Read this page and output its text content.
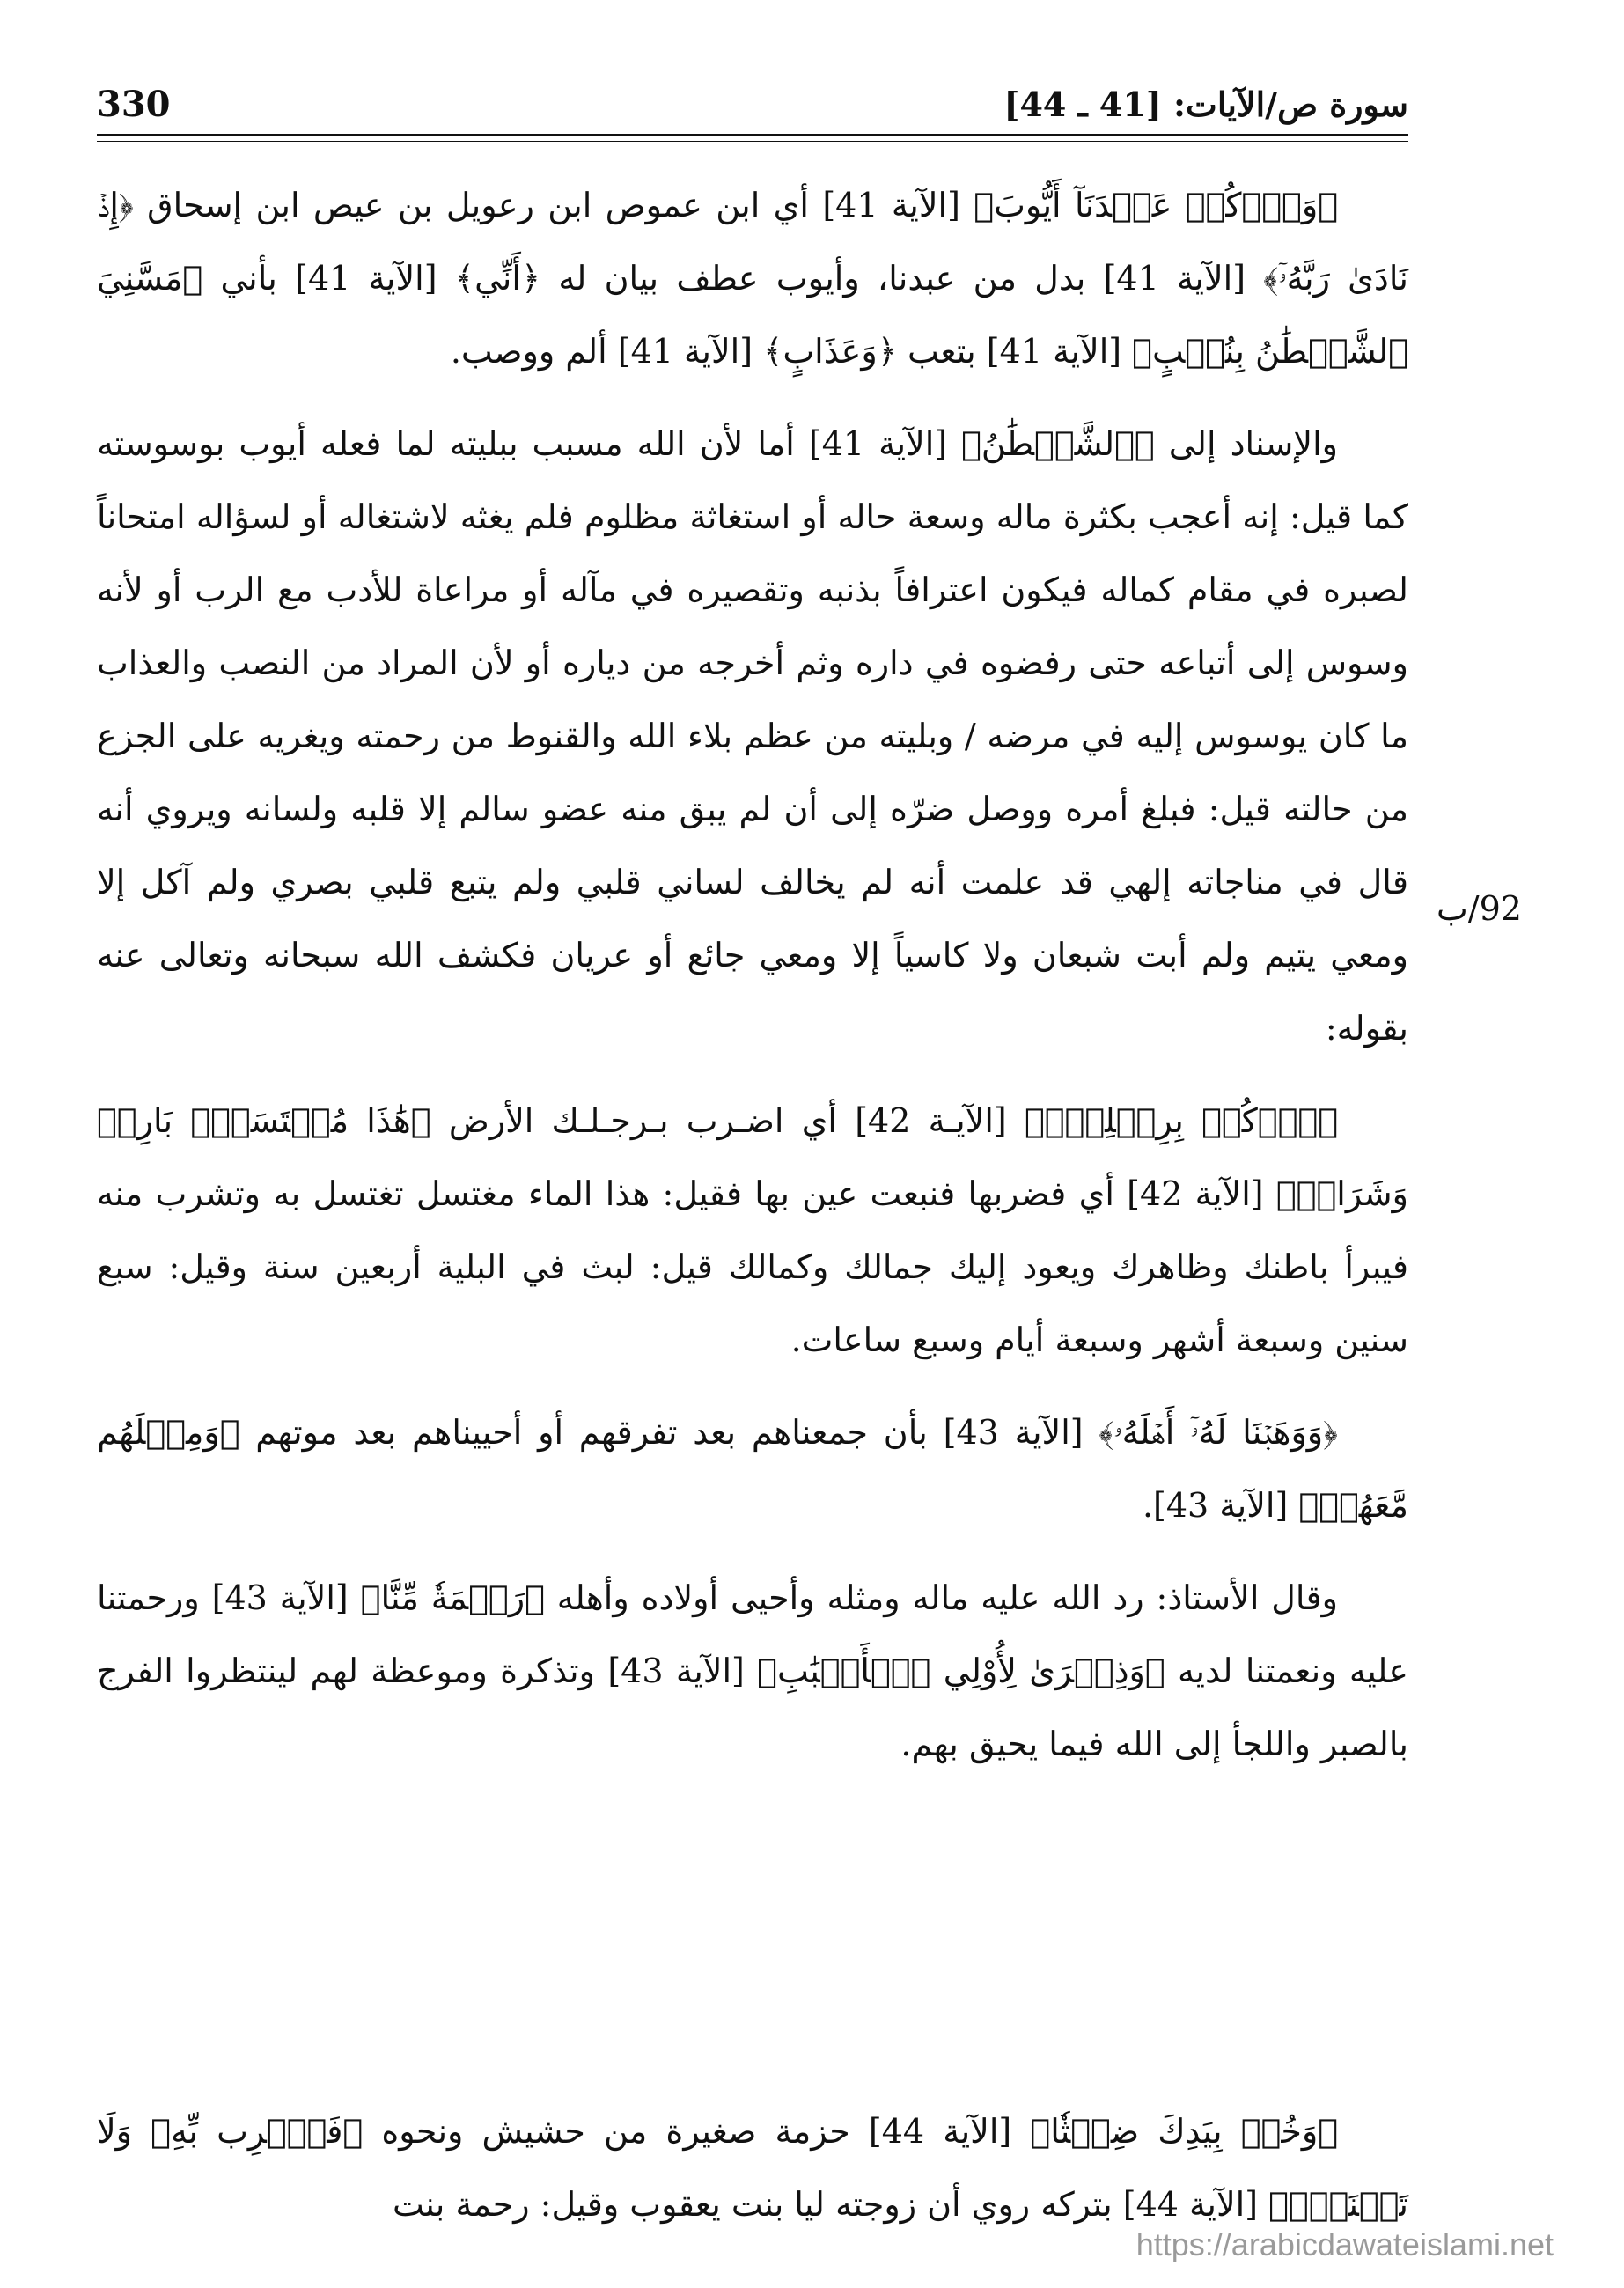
330	سورة ص/الآيات: [41 ـ 44]

﴿وَٱذۡكُرۡ عَبۡدَنَآ أَيُّوبَ﴾ [الآية 41] أي ابن عموص ابن رعويل بن عيص ابن إسحاق ﴿إِذۡ نَادَىٰ رَبَّهُۥٓ﴾ [الآية 41] بدل من عبدنا، وأيوب عطف بيان له ﴿أَنِّي﴾ [الآية 41] بأني ﴿مَسَّنِيَ ٱلشَّيۡطَٰنُ بِنُصۡبٍ﴾ [الآية 41] بتعب ﴿وَعَذَابٍ﴾ [الآية 41] ألم ووصب.

والإسناد إلى ﴿ٱلشَّيۡطَٰنُ﴾ [الآية 41] أما لأن الله مسبب ببليته لما فعله أيوب بوسوسته كما قيل: إنه أعجب بكثرة ماله وسعة حاله أو استغاثة مظلوم فلم يغثه لاشتغاله أو لسؤاله امتحاناً لصبره في مقام كماله فيكون اعترافاً بذنبه وتقصيره في مآله أو مراعاة للأدب مع الرب أو لأنه وسوس إلى أتباعه حتى رفضوه في داره وثم أخرجه من دياره أو لأن المراد من النصب والعذاب ما كان يوسوس إليه في مرضه / وبليته من عظم بلاء الله والقنوط من رحمته ويغريه على الجزع من حالته قيل: فبلغ أمره ووصل ضرّه إلى أن لم يبق منه عضو سالم إلا قلبه ولسانه ويروي أنه قال في مناجاته إلهي قد علمت أنه لم يخالف لساني قلبي ولم يتبع قلبي بصري ولم آكل إلا ومعي يتيم ولم أبت شبعان ولا كاسياً إلا ومعي جائع أو عريان فكشف الله سبحانه وتعالى عنه بقوله:

﴿ٱرۡكُضۡ بِرِجۡلِكَۖ﴾ [الآيـة 42] أي اضـرب بـرجـلـك الأرض ﴿هَٰذَا مُغۡتَسَلُۢ بَارِدٞ وَشَرَابٞ﴾ [الآية 42] أي فضربها فنبعت عين بها فقيل: هذا الماء مغتسل تغتسل به وتشرب منه فيبرأ باطنك وظاهرك ويعود إليك جمالك وكمالك قيل: لبث في البلية أربعين سنة وقيل: سبع سنين وسبعة أشهر وسبعة أيام وسبع ساعات.

﴿وَوَهَبۡنَا لَهُۥٓ أَهۡلَهُۥ﴾ [الآية 43] بأن جمعناهم بعد تفرقهم أو أحييناهم بعد موتهم ﴿وَمِثۡلَهُم مَّعَهُمۡ﴾ [الآية 43].

وقال الأستاذ: رد الله عليه ماله ومثله وأحيى أولاده وأهله ﴿رَحۡمَةٗ مِّنَّا﴾ [الآية 43] ورحمتنا عليه ونعمتنا لديه ﴿وَذِكۡرَىٰ لِأُوْلِي ٱلۡأَلۡبَٰبِ﴾ [الآية 43] وتذكرة وموعظة لهم لينتظروا الفرج بالصبر واللجأ إلى الله فيما يحيق بهم.

92/ب

﴿وَخُذۡ بِيَدِكَ ضِغۡثٗا﴾ [الآية 44] حزمة صغيرة من حشيش ونحوه ﴿فَٱضۡرِب بِّهِۦ وَلَا تَحۡنَثۡۗ﴾ [الآية 44] بتركه روي أن زوجته ليا بنت يعقوب وقيل: رحمة بنت

https://arabicdawateislami.net
